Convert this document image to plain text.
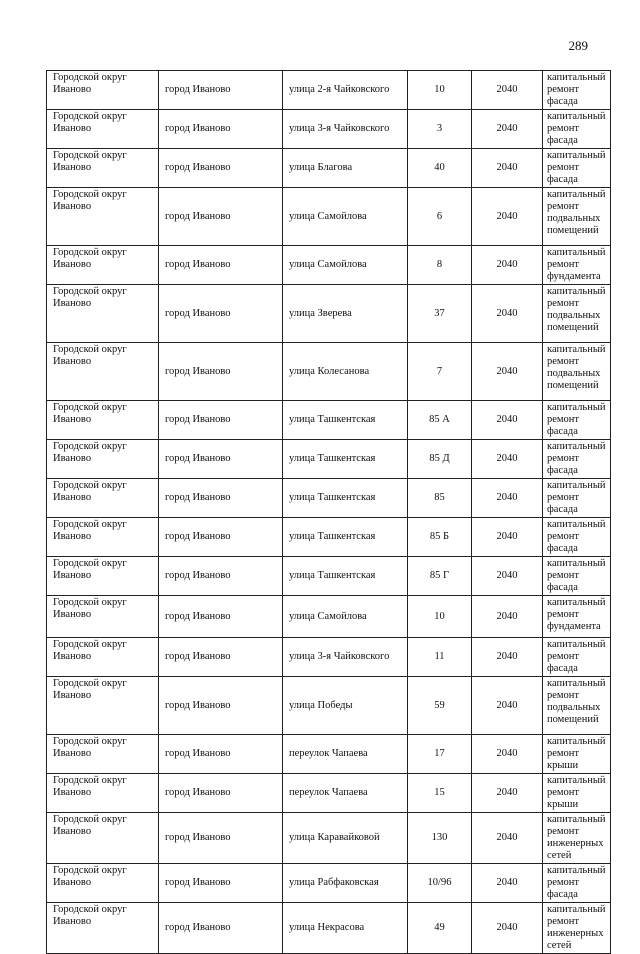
289
Городской округ Иваново	город Иваново	улица 2-я Чайковского	10	2040	капитальный ремонт фасада
Городской округ Иваново	город Иваново	улица 3-я Чайковского	3	2040	капитальный ремонт фасада
Городской округ Иваново	город Иваново	улица Благова	40	2040	капитальный ремонт фасада
Городской округ Иваново	город Иваново	улица Самойлова	6	2040	капитальный ремонт подвальных помещений
Городской округ Иваново	город Иваново	улица Самойлова	8	2040	капитальный ремонт фундамента
Городской округ Иваново	город Иваново	улица Зверева	37	2040	капитальный ремонт подвальных помещений
Городской округ Иваново	город Иваново	улица Колесанова	7	2040	капитальный ремонт подвальных помещений
Городской округ Иваново	город Иваново	улица Ташкентская	85 А	2040	капитальный ремонт фасада
Городской округ Иваново	город Иваново	улица Ташкентская	85 Д	2040	капитальный ремонт фасада
Городской округ Иваново	город Иваново	улица Ташкентская	85	2040	капитальный ремонт фасада
Городской округ Иваново	город Иваново	улица Ташкентская	85 Б	2040	капитальный ремонт фасада
Городской округ Иваново	город Иваново	улица Ташкентская	85 Г	2040	капитальный ремонт фасада
Городской округ Иваново	город Иваново	улица Самойлова	10	2040	капитальный ремонт фундамента
Городской округ Иваново	город Иваново	улица 3-я Чайковского	11	2040	капитальный ремонт фасада
Городской округ Иваново	город Иваново	улица Победы	59	2040	капитальный ремонт подвальных помещений
Городской округ Иваново	город Иваново	переулок Чапаева	17	2040	капитальный ремонт крыши
Городской округ Иваново	город Иваново	переулок Чапаева	15	2040	капитальный ремонт крыши
Городской округ Иваново	город Иваново	улица Каравайковой	130	2040	капитальный ремонт инженерных сетей
Городской округ Иваново	город Иваново	улица Рабфаковская	10/96	2040	капитальный ремонт фасада
Городской округ Иваново	город Иваново	улица Некрасова	49	2040	капитальный ремонт инженерных сетей
